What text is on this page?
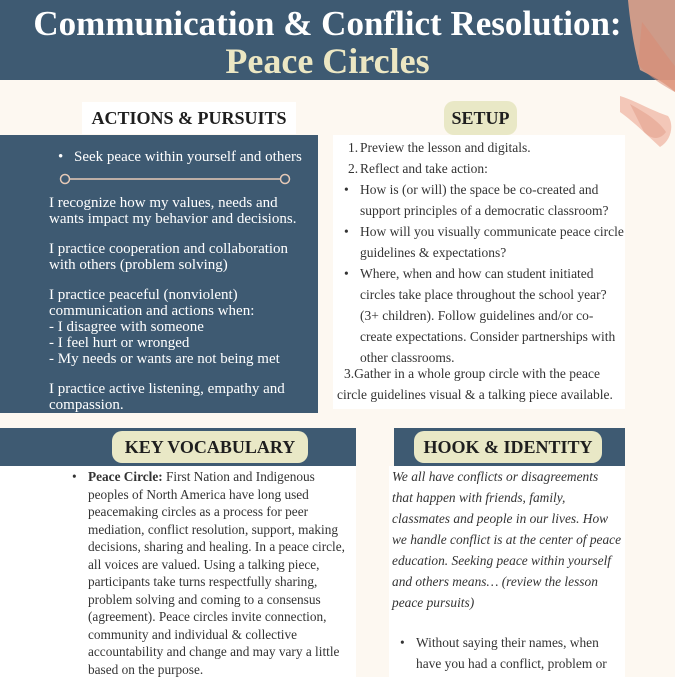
Communication & Conflict Resolution:
Peace Circles
ACTIONS & PURSUITS
• Seek peace within yourself and others

I recognize how my values, needs and wants impact my behavior and decisions.

I practice cooperation and collaboration with others (problem solving)

I practice peaceful (nonviolent) communication and actions when:

- I disagree with someone

- I feel hurt or wronged

- My needs or wants are not being met

I practice active listening, empathy and compassion.

SETUP
1. Preview the lesson and digitals.
2. Reflect and take action:
• How is (or will) the space be co-created and support principles of a democratic classroom?
• How will you visually communicate peace circle guidelines & expectations?
• Where, when and how can student initiated circles take place throughout the school year? (3+ children). Follow guidelines and/or co-create expectations. Consider partnerships with other classrooms.
3.Gather in a whole group circle with the peace circle guidelines visual & a talking piece available.
KEY VOCABULARY
• Peace Circle: First Nation and Indigenous peoples of North America have long used peacemaking circles as a process for peer mediation, conflict resolution, support, making decisions, sharing and healing. In a peace circle, all voices are valued. Using a talking piece, participants take turns respectfully sharing, problem solving and coming to a consensus (agreement). Peace circles invite connection, community and individual & collective accountability and change and may vary a little based on the purpose.
HOOK & IDENTITY
We all have conflicts or disagreements that happen with friends, family, classmates and people in our lives. How we handle conflict is at the center of peace education. Seeking peace within yourself and others means… (review the lesson peace pursuits)
• Without saying their names, when have you had a conflict, problem or
